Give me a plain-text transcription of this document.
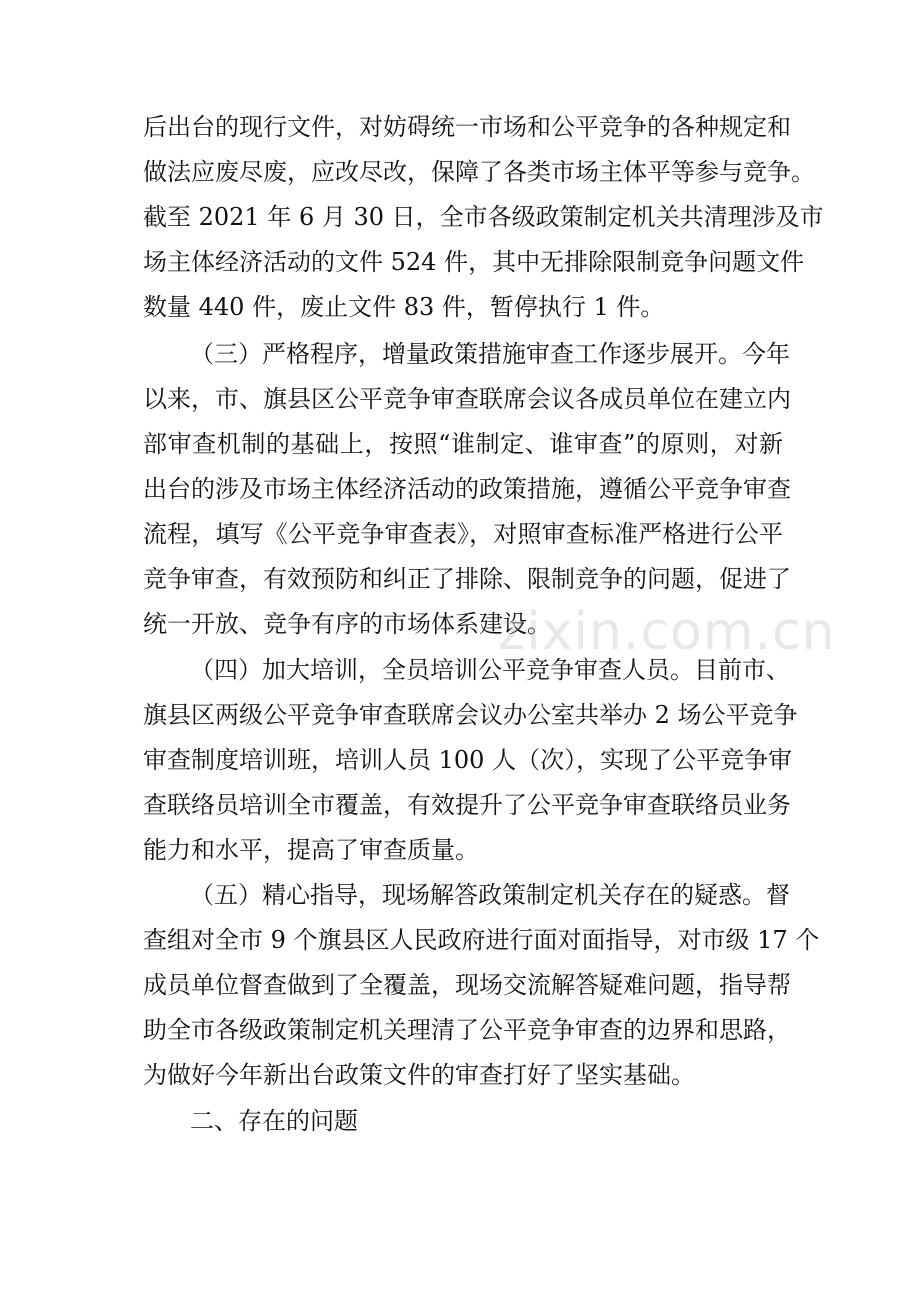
后出台的现行文件，对妨碍统一市场和公平竞争的各种规定和
做法应废尽废，应改尽改，保障了各类市场主体平等参与竞争。
截至 2021 年 6 月 30 日，全市各级政策制定机关共清理涉及市
场主体经济活动的文件 524 件，其中无排除限制竞争问题文件
数量 440 件，废止文件 83 件，暂停执行 1 件。
（三）严格程序，增量政策措施审查工作逐步展开。今年
以来，市、旗县区公平竞争审查联席会议各成员单位在建立内
部审查机制的基础上，按照“谁制定、谁审查”的原则，对新
出台的涉及市场主体经济活动的政策措施，遵循公平竞争审查
流程，填写《公平竞争审查表》，对照审查标准严格进行公平
竞争审查，有效预防和纠正了排除、限制竞争的问题，促进了
统一开放、竞争有序的市场体系建设。
（四）加大培训，全员培训公平竞争审查人员。目前市、
旗县区两级公平竞争审查联席会议办公室共举办 2 场公平竞争
审查制度培训班，培训人员 100 人（次），实现了公平竞争审
查联络员培训全市覆盖，有效提升了公平竞争审查联络员业务
能力和水平，提高了审查质量。
（五）精心指导，现场解答政策制定机关存在的疑惑。督
查组对全市 9 个旗县区人民政府进行面对面指导，对市级 17 个
成员单位督查做到了全覆盖，现场交流解答疑难问题，指导帮
助全市各级政策制定机关理清了公平竞争审查的边界和思路，
为做好今年新出台政策文件的审查打好了坚实基础。
二、存在的问题
zixin.com.cn
